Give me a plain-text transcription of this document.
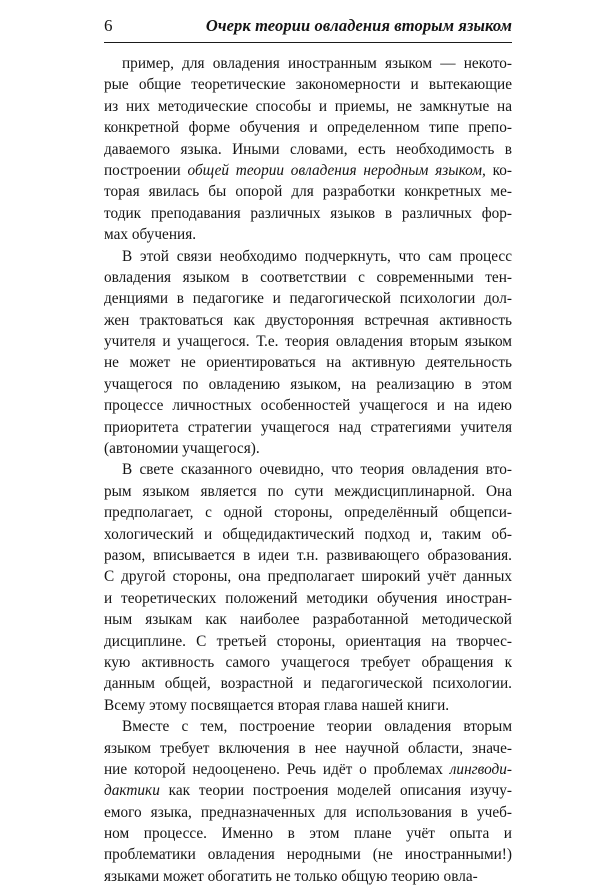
6	Очерк теории овладения вторым языком
пример, для овладения иностранным языком — некото-
рые общие теоретические закономерности и вытекающие
из них методические способы и приемы, не замкнутые на
конкретной форме обучения и определенном типе препо-
даваемого языка. Иными словами, есть необходимость в
построении общей теории овладения неродным языком, ко-
торая явилась бы опорой для разработки конкретных ме-
тодик преподавания различных языков в различных фор-
мах обучения.
В этой связи необходимо подчеркнуть, что сам процесс
овладения языком в соответствии с современными тен-
денциями в педагогике и педагогической психологии дол-
жен трактоваться как двусторонняя встречная активность
учителя и учащегося. Т.е. теория овладения вторым языком
не может не ориентироваться на активную деятельность
учащегося по овладению языком, на реализацию в этом
процессе личностных особенностей учащегося и на идею
приоритета стратегии учащегося над стратегиями учителя
(автономии учащегося).
В свете сказанного очевидно, что теория овладения вто-
рым языком является по сути междисциплинарной. Она
предполагает, с одной стороны, определённый общепси-
хологический и общедидактический подход и, таким об-
разом, вписывается в идеи т.н. развивающего образования.
С другой стороны, она предполагает широкий учёт данных
и теоретических положений методики обучения иностран-
ным языкам как наиболее разработанной методической
дисциплине. С третьей стороны, ориентация на творчес-
кую активность самого учащегося требует обращения к
данным общей, возрастной и педагогической психологии.
Всему этому посвящается вторая глава нашей книги.
Вместе с тем, построение теории овладения вторым
языком требует включения в нее научной области, значе-
ние которой недооценено. Речь идёт о проблемах лингводи-
дактики как теории построения моделей описания изучу-
емого языка, предназначенных для использования в учеб-
ном процессе. Именно в этом плане учёт опыта и
проблематики овладения неродными (не иностранными!)
языками может обогатить не только общую теорию овла-
